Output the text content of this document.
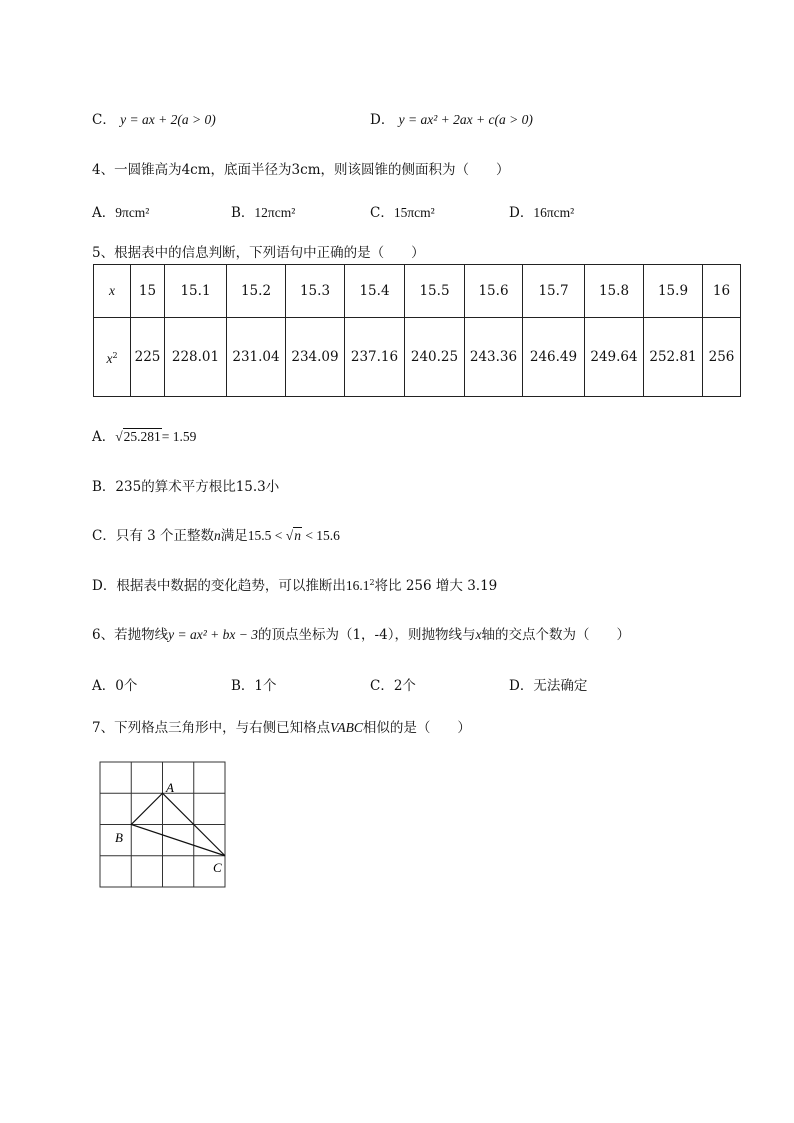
C． y = ax + 2(a > 0)	D． y = ax² + 2ax + c(a > 0)
4、一圆锥高为4cm，底面半径为3cm，则该圆锥的侧面积为（　　）
A．9πcm²	B．12πcm²	C．15πcm²	D．16πcm²
5、根据表中的信息判断，下列语句中正确的是（　　）
x	15	15.1	15.2	15.3	15.4	15.5	15.6	15.7	15.8	15.9	16
$x^2$	225	228.01	231.04	234.09	237.16	240.25	243.36	246.49	249.64	252.81	256
A．√25.281= 1.59
B．235的算术平方根比15.3小
C．只有 3 个正整数n满足15.5 < √n < 15.6
D．根据表中数据的变化趋势，可以推断出16.1$^2$将比 256 增大 3.19
6、若抛物线y = ax² + bx − 3的顶点坐标为（1，-4），则抛物线与x轴的交点个数为（　　）
A．0个	B．1个	C．2个	D．无法确定
7、下列格点三角形中，与右侧已知格点VABC相似的是（　　）
A
B
C
